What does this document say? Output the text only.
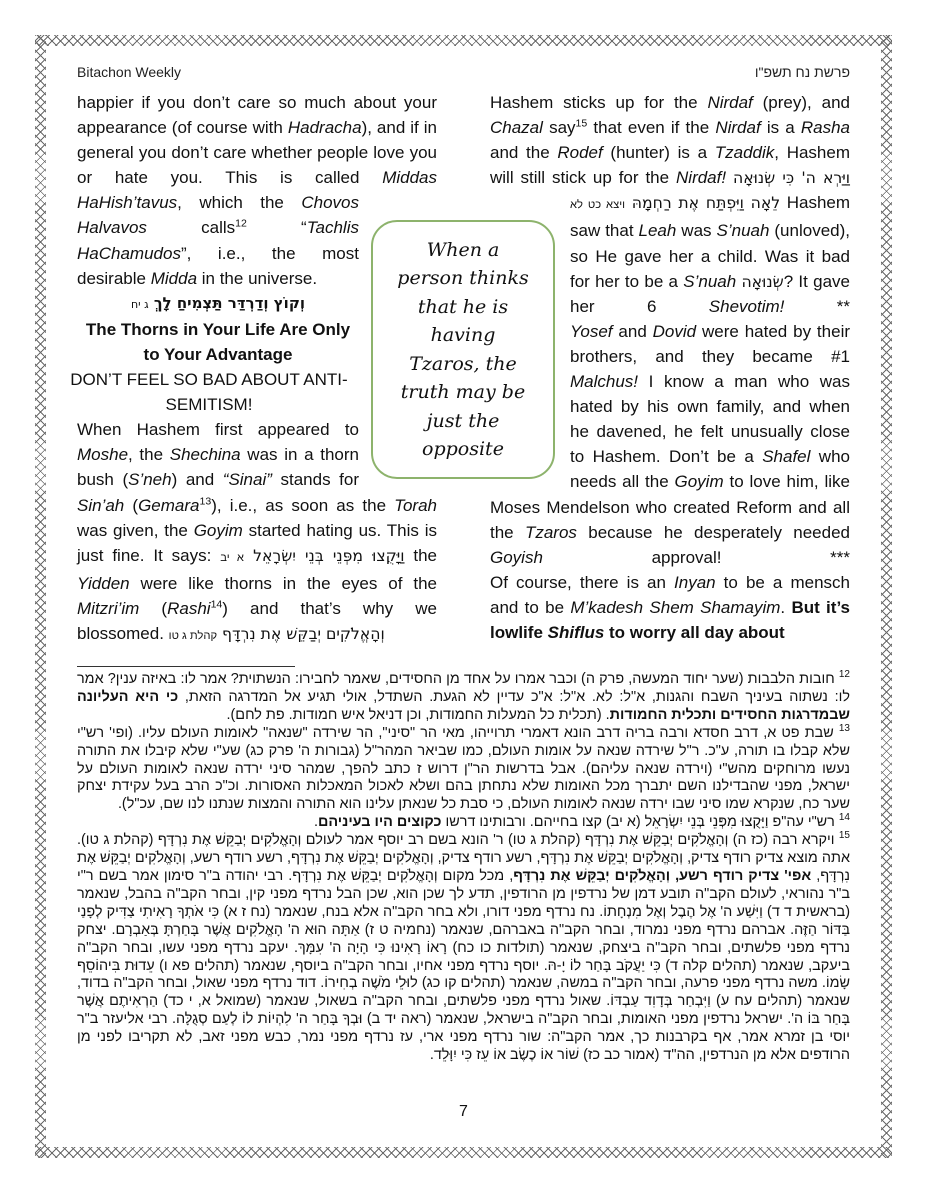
Bitachon Weekly	פרשת נח תשפ"ו

happier if you don’t care so much about your appearance (of course with Hadracha), and if in general you don’t care whether people love you or hate you. This is called Middas HaHish’tavus, which the Chovos Halvavos calls$^{12}$ “Tachlis HaChamudos”, i.e., the most desirable Midda in the universe.

וְקוֹץ וְדַרְדַּר תַּצְמִיחַ לָךְ ג יח
The Thorns in Your Life Are Only to Your Advantage
DON’T FEEL SO BAD ABOUT ANTI-SEMITISM!

When Hashem first appeared to Moshe, the Shechina was in a thorn bush (S’neh) and “Sinai” stands for Sin’ah (Gemara$^{13}$), i.e., as soon as the Torah was given, the Goyim started hating us. This is just fine. It says: וַיָּקֻצוּ מִפְּנֵי בְּנֵי יִשְׂרָאֵל א יב	the Yidden were like thorns in the eyes of the Mitzri’im (Rashi$^{14}$) and that’s why we blossomed.	וְהָאֱלֹקִים יְבַקֵּשׁ אֶת נִרְדָּף קהלת ג טו

Hashem sticks up for the Nirdaf (prey), and Chazal say$^{15}$ that even if the Nirdaf is a Rasha and the Rodef (hunter) is a Tzaddik, Hashem will still stick up for the Nirdaf! וַיַּרְא ה' כִּי שְׂנוּאָה לֵאָה וַיִּפְתַּח אֶת רַחְמָהּ ויצא כט לא	Hashem saw that Leah was S’nuah (unloved), so He gave her a child. Was it bad for her to be a S’nuah שְׂנוּאָה? It gave her 6 Shevotim! **

Yosef and Dovid were hated by their brothers, and they became #1 Malchus! I know a man who was hated by his own family, and when he davened, he felt unusually close to Hashem. Don’t be a Shafel who needs all the Goyim to love him, like Moses Mendelson who created Reform and all the Tzaros because he desperately needed Goyish approval! ***

Of course, there is an Inyan to be a mensch and to be M’kadesh Shem Shamayim. But it’s lowlife Shiflus to worry all day about

When a
person thinks
that he is
having
Tzaros, the
truth may be
just the
opposite

$^{12}$ חובות הלבבות (שער יחוד המעשה, פרק ה) וכבר אמרו על אחד מן החסידים, שאמר לחבירו: הנשתוית? אמר לו: באיזה ענין? אמר לו: נשתוה בעיניך השבח והגנות, א"ל: לא. א"ל: א"כ עדיין לא הגעת. השתדל, אולי תגיע אל המדרגה הזאת, כי היא העליונה שבמדרגות החסידים ותכלית החמודות. (תכלית כל המעלות החמודות, וכן דניאל איש חמודות. פת לחם).

$^{13}$ שבת פט א, דרב חסדא ורבה בריה דרב הונא דאמרי תרוייהו, מאי הר "סיני", הר שירדה "שנאה" לאומות העולם עליו. (ופי' רש"י שלא קבלו בו תורה, ע"כ. ר"ל שירדה שנאה על אומות העולם, כמו שביאר המהר"ל (גבורות ה' פרק כג) שע"י שלא קיבלו את התורה נעשו מרוחקים מהש"י (וירדה שנאה עליהם). אבל בדרשות הר"ן דרוש ז כתב להפך, שמהר סיני ירדה שנאה לאומות העולם על ישראל, מפני שהבדילנו השם יתברך מכל האומות שלא נתחתן בהם ושלא לאכול המאכלות האסורות. וכ"כ הרב בעל עקידת יצחק שער כח, שנקרא שמו סיני שבו ירדה שנאה לאומות העולם, כי סבת כל שנאתן עלינו הוא התורה והמצות שנתנו לנו שם, עכ"ל).

$^{14}$ רש"י עה"פ וַיָּקֻצוּ מִפְּנֵי בְּנֵי יִשְׂרָאֵל (א יב) קצו בחייהם. ורבותינו דרשו כקוצים היו בעיניהם.

$^{15}$ ויקרא רבה (כז ה) וְהָאֱלֹקִים יְבַקֵּשׁ אֶת נִרְדָּף (קהלת ג טו) ר' הונא בשם רב יוסף אמר לעולם וְהָאֱלֹקִים יְבַקֵּשׁ אֶת נִרְדָּף (קהלת ג טו). אתה מוצא צדיק רודף צדיק, וְהָאֱלֹקִים יְבַקֵּשׁ אֶת נִרְדָּף, רשע רודף צדיק, וְהָאֱלֹקִים יְבַקֵּשׁ אֶת נִרְדָּף, רשע רודף רשע, וְהָאֱלֹקִים יְבַקֵּשׁ אֶת נִרְדָּף, אפי' צדיק רודף רשע, וְהָאֱלֹקִים יְבַקֵּשׁ אֶת נִרְדָּף, מכל מקום וְהָאֱלֹקִים יְבַקֵּשׁ אֶת נִרְדָּף. רבי יהודה ב"ר סימון אמר בשם ר"י ב"ר נהוראי, לעולם הקב"ה תובע דמן של נרדפין מן הרודפין, תדע לך שכן הוא, שכן הבל נרדף מפני קין, ובחר הקב"ה בהבל, שנאמר (בראשית ד ד) וַיִּשַׁע ה' אֶל הֶבֶל וְאֶל מִנְחָתוֹ. נח נרדף מפני דורו, ולא בחר הקב"ה אלא בנח, שנאמר (נח ז א) כִּי אֹתְךָ רָאִיתִי צַדִּיק לְפָנַי בַּדּוֹר הַזֶּה. אברהם נרדף מפני נמרוד, ובחר הקב"ה באברהם, שנאמר (נחמיה ט ז) אַתָּה הוּא ה' הָאֱלֹקִים אֲשֶׁר בָּחַרְתָּ בְּאַבְרָם. יצחק נרדף מפני פלשתים, ובחר הקב"ה ביצחק, שנאמר (תולדות כו כח) רָאוֹ רָאִינוּ כִּי הָיָה ה' עִמָּךְ. יעקב נרדף מפני עשו, ובחר הקב"ה ביעקב, שנאמר (תהלים קלה ד) כִּי יַעֲקֹב בָּחַר לוֹ יָ-הּ. יוסף נרדף מפני אחיו, ובחר הקב"ה ביוסף, שנאמר (תהלים פא ו) עֵדוּת בִּיהוֹסֵף שָׂמוֹ. משה נרדף מפני פרעה, ובחר הקב"ה במשה, שנאמר (תהלים קו כג) לוּלֵי מֹשֶׁה בְחִירוֹ. דוד נרדף מפני שאול, ובחר הקב"ה בדוד, שנאמר (תהלים עח ע) וַיִּבְחַר בְּדָוִד עַבְדּוֹ. שאול נרדף מפני פלשתים, ובחר הקב"ה בשאול, שנאמר (שמואל א, י כד) הַרְאִיתֶם אֲשֶׁר בָּחַר בּוֹ ה'. ישראל נרדפין מפני האומות, ובחר הקב"ה בישראל, שנאמר (ראה יד ב) וּבְךָ בָּחַר ה' לִהְיוֹת לוֹ לְעַם סְגֻלָּה. רבי אליעזר ב"ר יוסי בן זמרא אמר, אף בקרבנות כך, אמר הקב"ה: שור נרדף מפני ארי, עז נרדף מפני נמר, כבש מפני זאב, לא תקריבו לפני מן הרודפים אלא מן הנרדפין, הה"ד (אמור כב כז) שׁוֹר אוֹ כֶשֶׂב אוֹ עֵז כִּי יִוָּלֵד.

7
